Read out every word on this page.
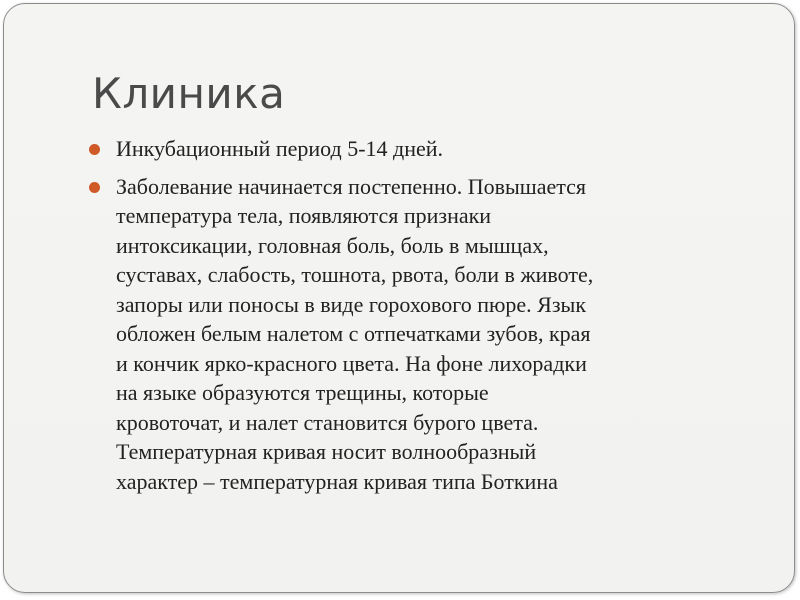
Клиника
Инкубационный период 5-14 дней.
Заболевание начинается постепенно. Повышается
температура тела, появляются признаки
интоксикации, головная боль, боль в мышцах,
суставах, слабость, тошнота, рвота, боли в животе,
запоры или поносы в виде горохового пюре. Язык
обложен белым налетом с отпечатками зубов, края
и кончик ярко-красного цвета. На фоне лихорадки
на языке образуются трещины, которые
кровоточат, и налет становится бурого цвета.
Температурная кривая носит волнообразный
характер – температурная кривая типа Боткина
